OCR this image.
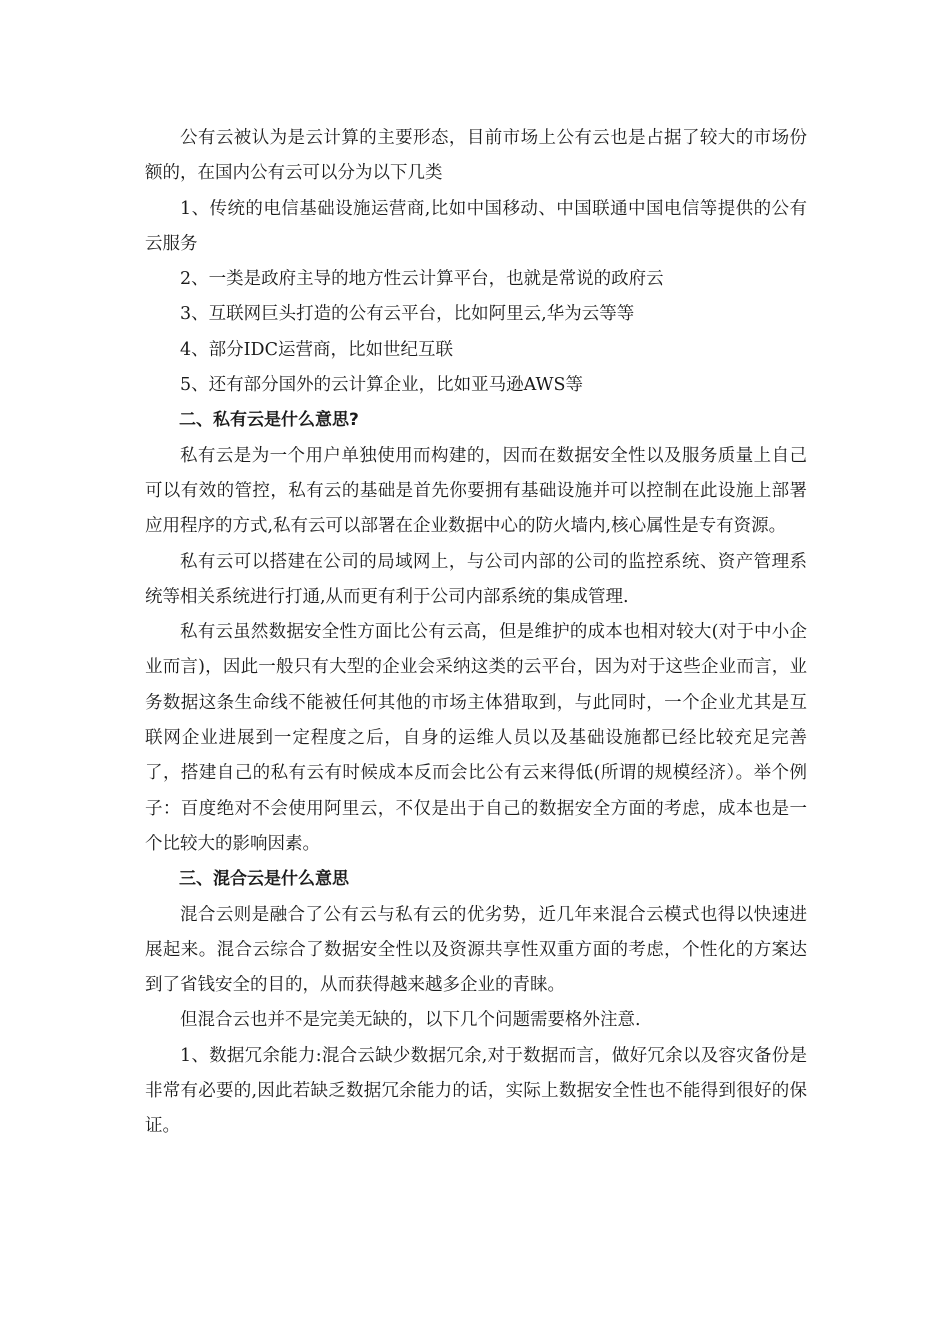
公有云被认为是云计算的主要形态，目前市场上公有云也是占据了较大的市场份额的，在国内公有云可以分为以下几类

1、传统的电信基础设施运营商,比如中国移动、中国联通中国电信等提供的公有云服务

2、一类是政府主导的地方性云计算平台，也就是常说的政府云

3、互联网巨头打造的公有云平台，比如阿里云,华为云等等

4、部分IDC运营商，比如世纪互联

5、还有部分国外的云计算企业，比如亚马逊AWS等

二、私有云是什么意思?

私有云是为一个用户单独使用而构建的，因而在数据安全性以及服务质量上自己可以有效的管控，私有云的基础是首先你要拥有基础设施并可以控制在此设施上部署应用程序的方式,私有云可以部署在企业数据中心的防火墙内,核心属性是专有资源。

私有云可以搭建在公司的局域网上，与公司内部的公司的监控系统、资产管理系统等相关系统进行打通,从而更有利于公司内部系统的集成管理.

私有云虽然数据安全性方面比公有云高，但是维护的成本也相对较大(对于中小企业而言)，因此一般只有大型的企业会采纳这类的云平台，因为对于这些企业而言，业务数据这条生命线不能被任何其他的市场主体猎取到，与此同时，一个企业尤其是互联网企业进展到一定程度之后，自身的运维人员以及基础设施都已经比较充足完善了，搭建自己的私有云有时候成本反而会比公有云来得低(所谓的规模经济）。举个例子：百度绝对不会使用阿里云，不仅是出于自己的数据安全方面的考虑，成本也是一个比较大的影响因素。

三、混合云是什么意思

混合云则是融合了公有云与私有云的优劣势，近几年来混合云模式也得以快速进展起来。混合云综合了数据安全性以及资源共享性双重方面的考虑，个性化的方案达到了省钱安全的目的，从而获得越来越多企业的青睐。

但混合云也并不是完美无缺的，以下几个问题需要格外注意.

1、数据冗余能力:混合云缺少数据冗余,对于数据而言，做好冗余以及容灾备份是非常有必要的,因此若缺乏数据冗余能力的话，实际上数据安全性也不能得到很好的保证。
